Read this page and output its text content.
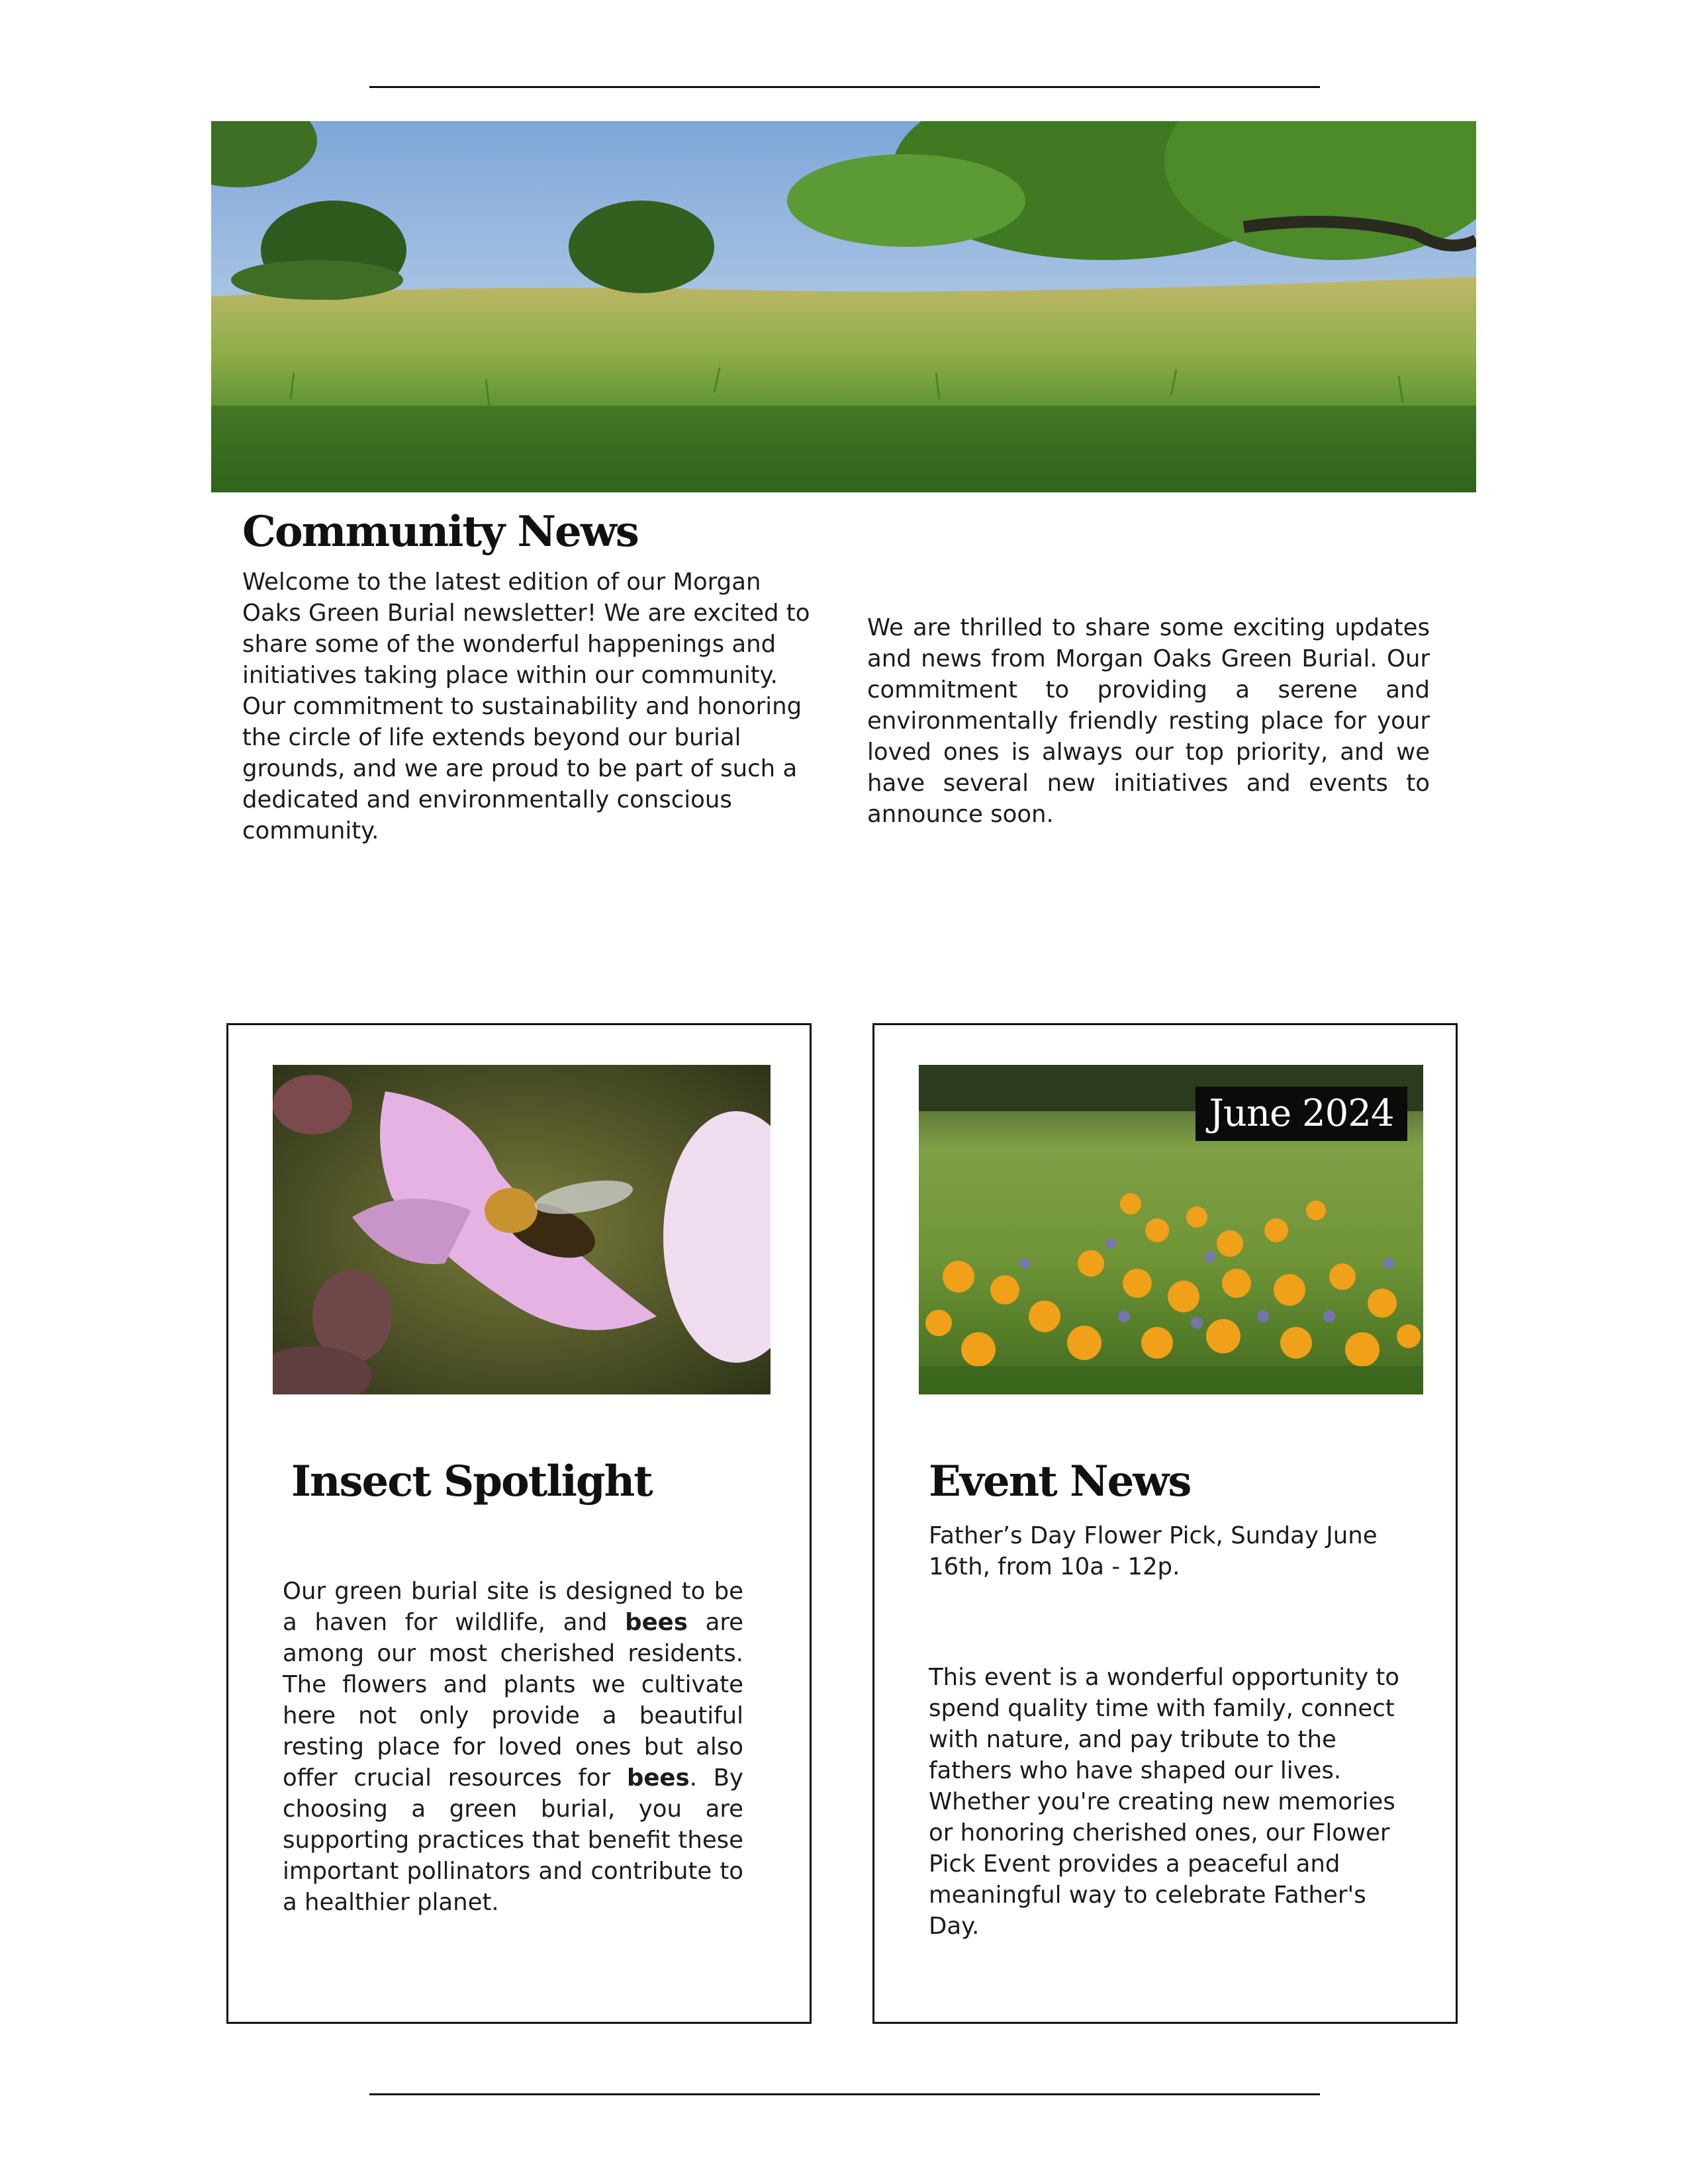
Community News

Welcome to the latest edition of our Morgan Oaks Green Burial newsletter! We are excited to share some of the wonderful happenings and initiatives taking place within our community. Our commitment to sustainability and honoring the circle of life extends beyond our burial grounds, and we are proud to be part of such a dedicated and environmentally conscious community.

We are thrilled to share some exciting updates and news from Morgan Oaks Green Burial. Our commitment to providing a serene and environmentally friendly resting place for your loved ones is always our top priority, and we have several new initiatives and events to announce soon.

Insect Spotlight

Our green burial site is designed to be a haven for wildlife, and bees are among our most cherished residents. The flowers and plants we cultivate here not only provide a beautiful resting place for loved ones but also offer crucial resources for bees. By choosing a green burial, you are supporting practices that benefit these important pollinators and contribute to a healthier planet.

Event News

Father’s Day Flower Pick, Sunday June 16th, from 10a - 12p.

This event is a wonderful opportunity to spend quality time with family, connect with nature, and pay tribute to the fathers who have shaped our lives. Whether you're creating new memories or honoring cherished ones, our Flower Pick Event provides a peaceful and meaningful way to celebrate Father's Day.

June 2024
